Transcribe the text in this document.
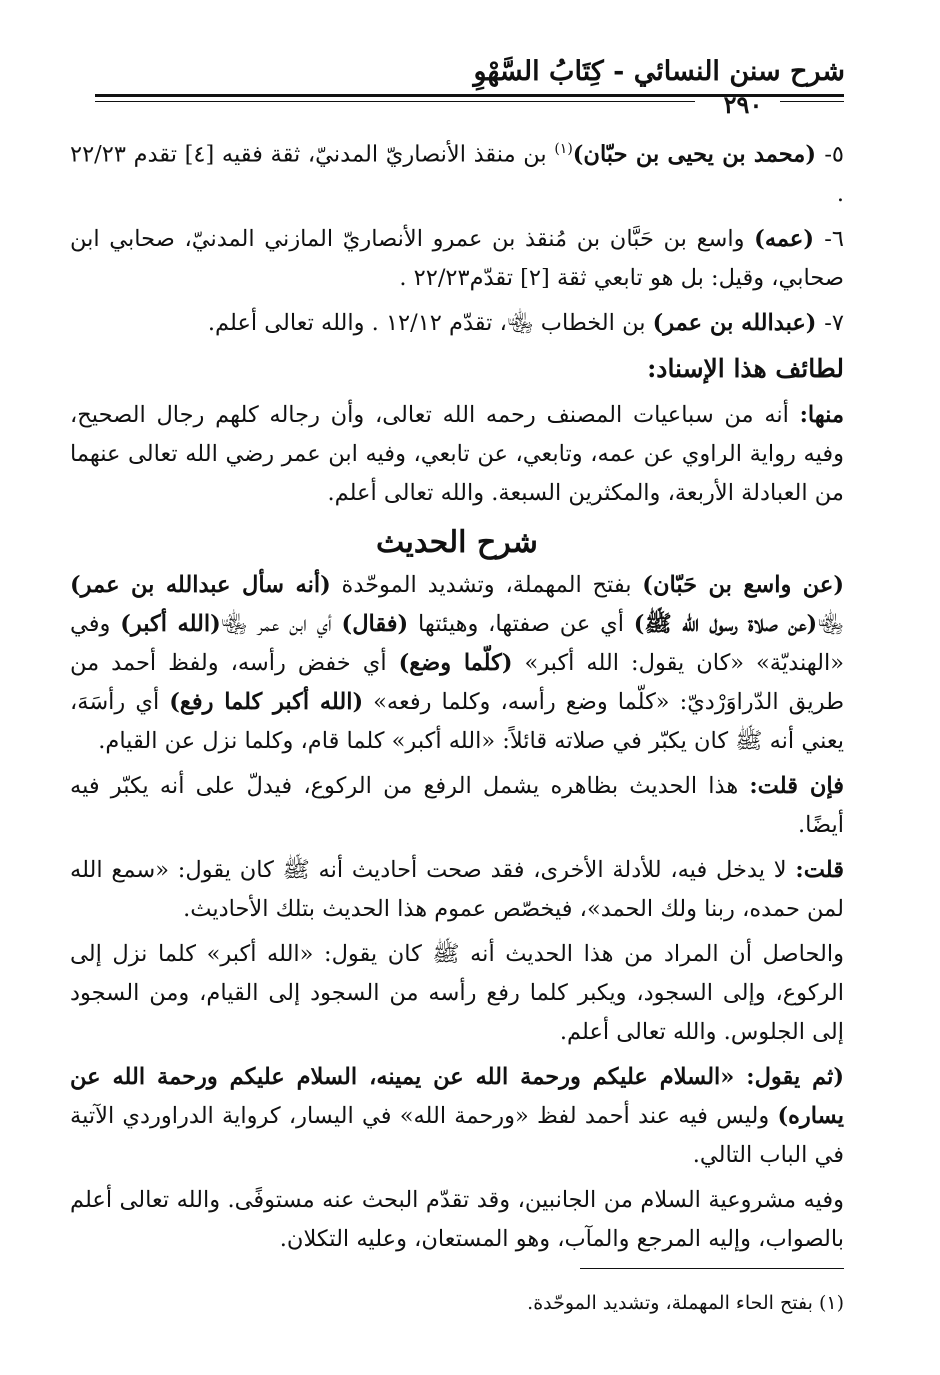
شرح سنن النسائي - كِتَابُ السَّهْوِ
٢٩٠

٥- (محمد بن يحيى بن حبّان)$^{(١)}$ بن منقذ الأنصاريّ المدنيّ، ثقة فقيه [٤] تقدم ٢٢/٢٣ .

٦- (عمه) واسع بن حَبَّان بن مُنقذ بن عمرو الأنصاريّ المازني المدنيّ، صحابي ابن صحابي، وقيل: بل هو تابعي ثقة [٢] تقدّم٢٢/٢٣ .

٧- (عبدالله بن عمر) بن الخطاب ﵄، تقدّم ١٢/١٢ . والله تعالى أعلم.

لطائف هذا الإسناد:

منها: أنه من سباعيات المصنف رحمه الله تعالى، وأن رجاله كلهم رجال الصحيح، وفيه رواية الراوي عن عمه، وتابعي، عن تابعي، وفيه ابن عمر رضي الله تعالى عنهما من العبادلة الأربعة، والمكثرين السبعة. والله تعالى أعلم.

شرح الحديث

(عن واسع بن حَبّان) بفتح المهملة، وتشديد الموحّدة (أنه سأل عبدالله بن عمر) ﵄(عن صلاة رسول الله ﷺ) أي عن صفتها، وهيئتها (فقال) أي ابن عمر ﵄(الله أكبر) وفي «الهنديّة» «كان يقول: الله أكبر» (كلّما وضع) أي خفض رأسه، ولفظ أحمد من طريق الدّراوَرْديّ: «كلّما وضع رأسه، وكلما رفعه» (الله أكبر كلما رفع) أي رأسَهَ، يعني أنه ﷺ كان يكبّر في صلاته قائلاً: «الله أكبر» كلما قام، وكلما نزل عن القيام.

فإن قلت: هذا الحديث بظاهره يشمل الرفع من الركوع، فيدلّ على أنه يكبّر فيه أيضًا.

قلت: لا يدخل فيه، للأدلة الأخرى، فقد صحت أحاديث أنه ﷺ كان يقول: «سمع الله لمن حمده، ربنا ولك الحمد»، فيخصّص عموم هذا الحديث بتلك الأحاديث.

والحاصل أن المراد من هذا الحديث أنه ﷺ كان يقول: «الله أكبر» كلما نزل إلى الركوع، وإلى السجود، ويكبر كلما رفع رأسه من السجود إلى القيام، ومن السجود إلى الجلوس. والله تعالى أعلم.

(ثم يقول: «السلام عليكم ورحمة الله عن يمينه، السلام عليكم ورحمة الله عن يساره) وليس فيه عند أحمد لفظ «ورحمة الله» في اليسار، كرواية الدراوردي الآتية في الباب التالي.

وفيه مشروعية السلام من الجانبين، وقد تقدّم البحث عنه مستوفًى. والله تعالى أعلم بالصواب، وإليه المرجع والمآب، وهو المستعان، وعليه التكلان.

(١) بفتح الحاء المهملة، وتشديد الموحّدة.
